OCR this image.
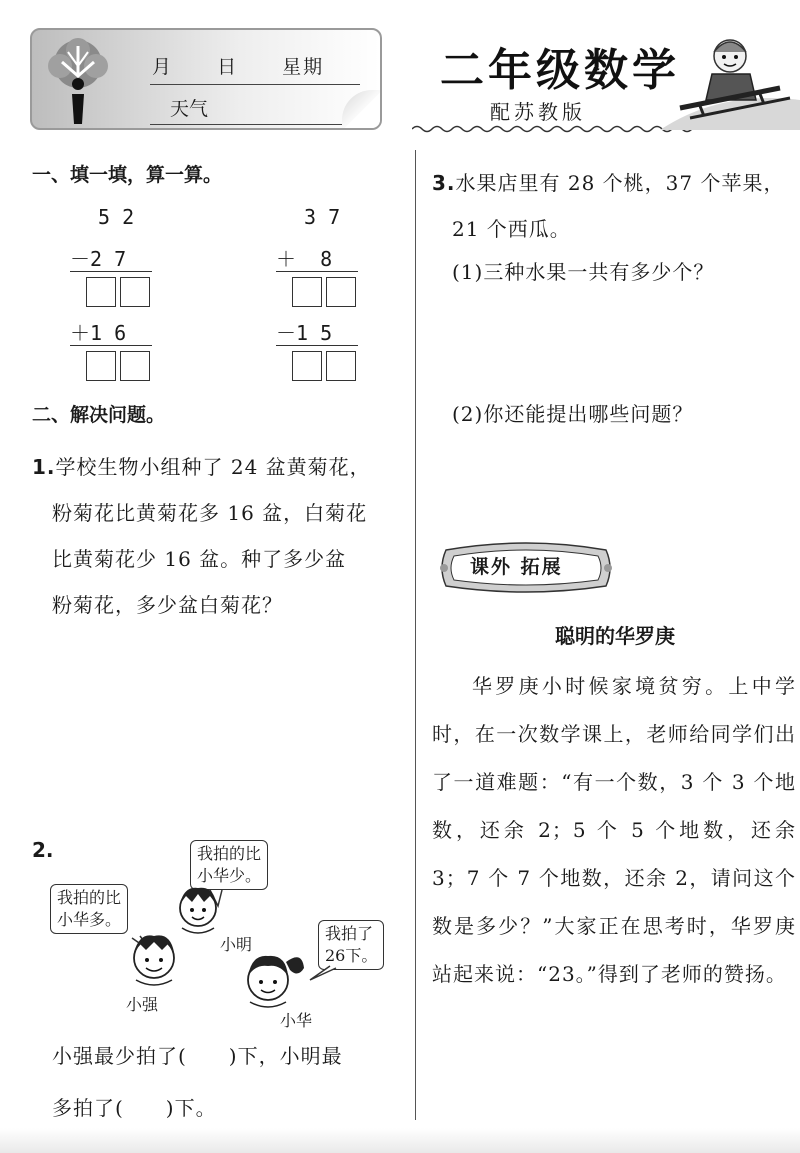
月 日 星期
天气
二年级数学
配苏教版
一、填一填，算一算。
5 2
－2 7
＋1 6
3 7
＋  8
－1 5
二、解决问题。
1.学校生物小组种了 24 盆黄菊花，
粉菊花比黄菊花多 16 盆，白菊花
比黄菊花少 16 盆。种了多少盆
粉菊花，多少盆白菊花？
2.
我拍的比
小华多。
我拍的比
小华少。
我拍了
26下。
小强
小明
小华
小强最少拍了(　　)下，小明最
多拍了(　　)下。
3.水果店里有 28 个桃，37 个苹果，
21 个西瓜。
(1)三种水果一共有多少个？
(2)你还能提出哪些问题？
课外 拓展
聪明的华罗庚
华罗庚小时候家境贫穷。上中学时，在一次数学课上，老师给同学们出了一道难题：“有一个数，3 个 3 个地数，还余 2；5 个 5 个地数，还余 3；7 个 7 个地数，还余 2，请问这个数是多少？”大家正在思考时，华罗庚站起来说：“23。”得到了老师的赞扬。
